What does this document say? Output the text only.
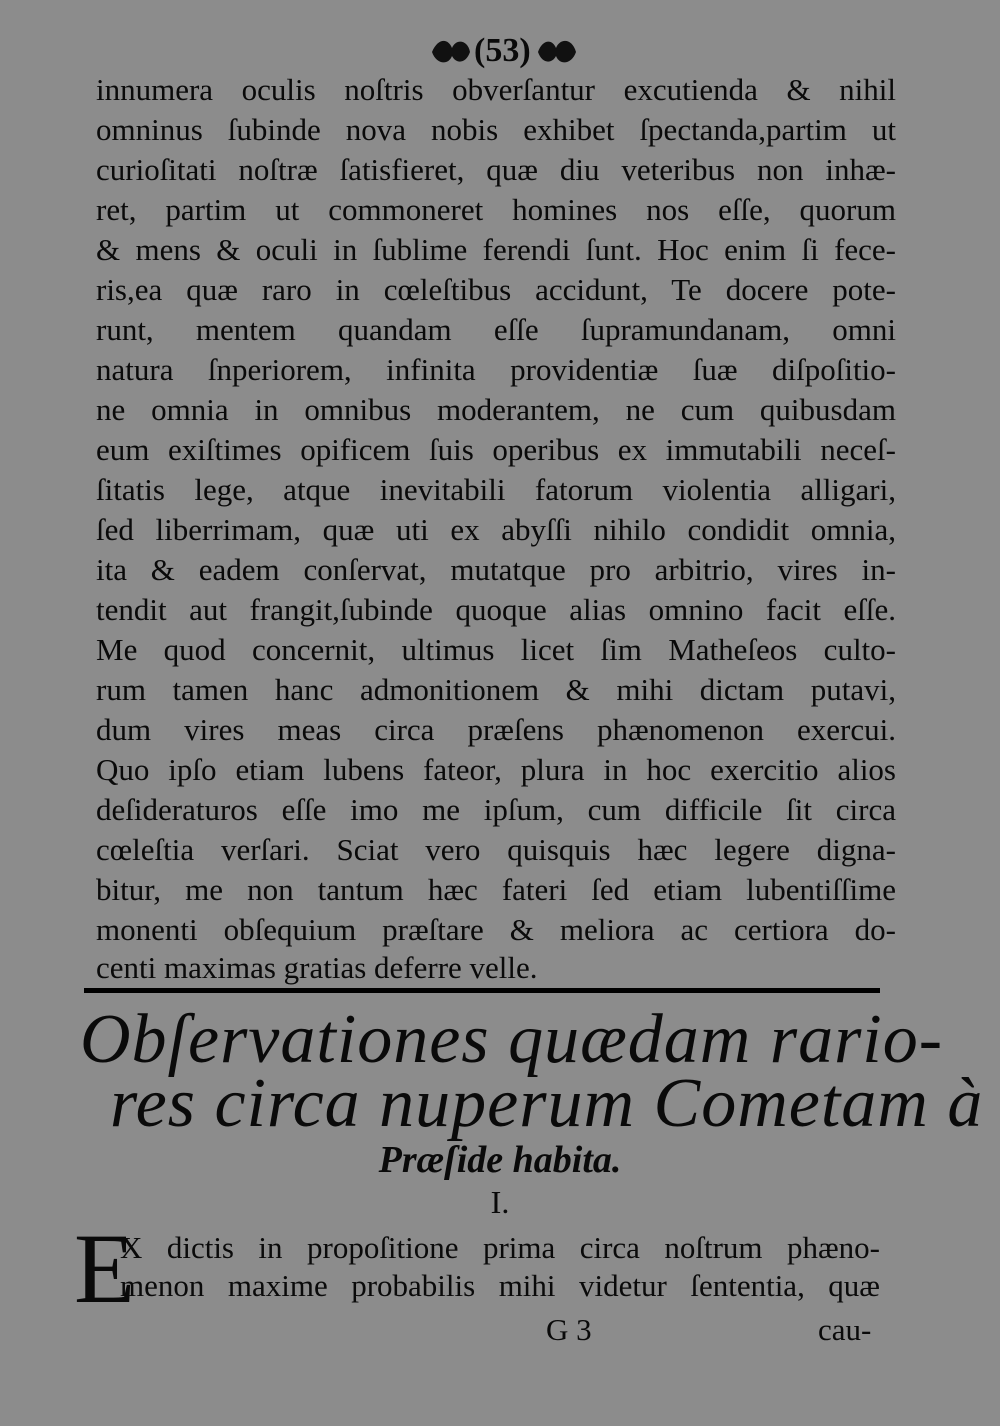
(53)
innumera oculis noſtris obverſantur excutienda & nihil
omninus ſubinde nova nobis exhibet ſpectanda,partim ut
curioſitati noſtræ ſatisfieret, quæ diu veteribus non inhæ-
ret, partim ut commoneret homines nos eſſe, quorum
& mens & oculi in ſublime ferendi ſunt. Hoc enim ſi fece-
ris,ea quæ raro in cœleſtibus accidunt, Te docere pote-
runt, mentem quandam eſſe ſupramundanam, omni
natura ſnperiorem, infinita providentiæ ſuæ diſpoſitio-
ne omnia in omnibus moderantem, ne cum quibusdam
eum exiſtimes opificem ſuis operibus ex immutabili neceſ-
ſitatis lege, atque inevitabili fatorum violentia alligari,
ſed liberrimam, quæ uti ex abyſſi nihilo condidit omnia,
ita & eadem conſervat, mutatque pro arbitrio, vires in-
tendit aut frangit,ſubinde quoque alias omnino facit eſſe.
Me quod concernit, ultimus licet ſim Matheſeos culto-
rum tamen hanc admonitionem & mihi dictam putavi,
dum vires meas circa præſens phænomenon exercui.
Quo ipſo etiam lubens fateor, plura in hoc exercitio alios
deſideraturos eſſe imo me ipſum, cum difficile ſit circa
cœleſtia verſari. Sciat vero quisquis hæc legere digna-
bitur, me non tantum hæc fateri ſed etiam lubentiſſime
monenti obſequium præſtare & meliora ac certiora do-
centi maximas gratias deferre velle.
Obſervationes quædam rario-
res circa nuperum Cometam à
Præſide habita.
I.
E
X dictis in propoſitione prima circa noſtrum phæno-
menon maxime probabilis mihi videtur ſententia, quæ
G 3	cau-
